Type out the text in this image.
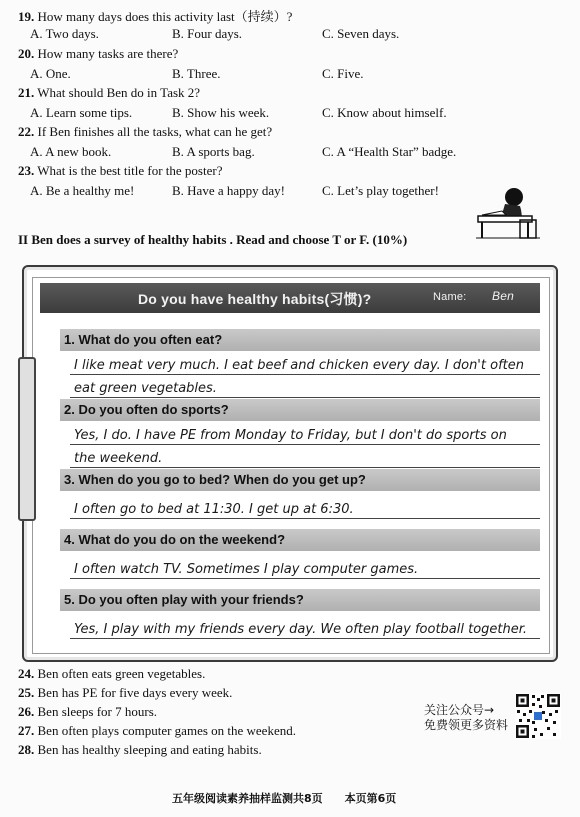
19. How many days does this activity last（持续）?
A. Two days.	B. Four days.	C. Seven days.
20. How many tasks are there?
A. One.	B. Three.	C. Five.
21. What should Ben do in Task 2?
A. Learn some tips.	B. Show his week.	C. Know about himself.
22. If Ben finishes all the tasks, what can he get?
A. A new book.	B. A sports bag.	C. A “Health Star” badge.
23. What is the best title for the poster?
A. Be a healthy me!	B. Have a happy day!	C. Let’s play together!
II Ben does a survey of healthy habits . Read and choose T or F. (10%)
Do you have healthy habits(习惯)?	Name: Ben
1. What do you often eat?
I like meat very much. I eat beef and chicken every day. I don't often
eat green vegetables.
2. Do you often do sports?
Yes, I do. I have PE from Monday to Friday, but I don't do sports on
the weekend.
3. When do you go to bed? When do you get up?
I often go to bed at 11:30. I get up at 6:30.
4. What do you do on the weekend?
I often watch TV. Sometimes I play computer games.
5. Do you often play with your friends?
Yes, I play with my friends every day. We often play football together.
24. Ben often eats green vegetables.
25. Ben has PE for five days every week.
26. Ben sleeps for 7 hours.
27. Ben often plays computer games on the weekend.
28. Ben has healthy sleeping and eating habits.
关注公众号→
免费领更多资料
五年级阅读素养抽样监测共8页 本页第6页
